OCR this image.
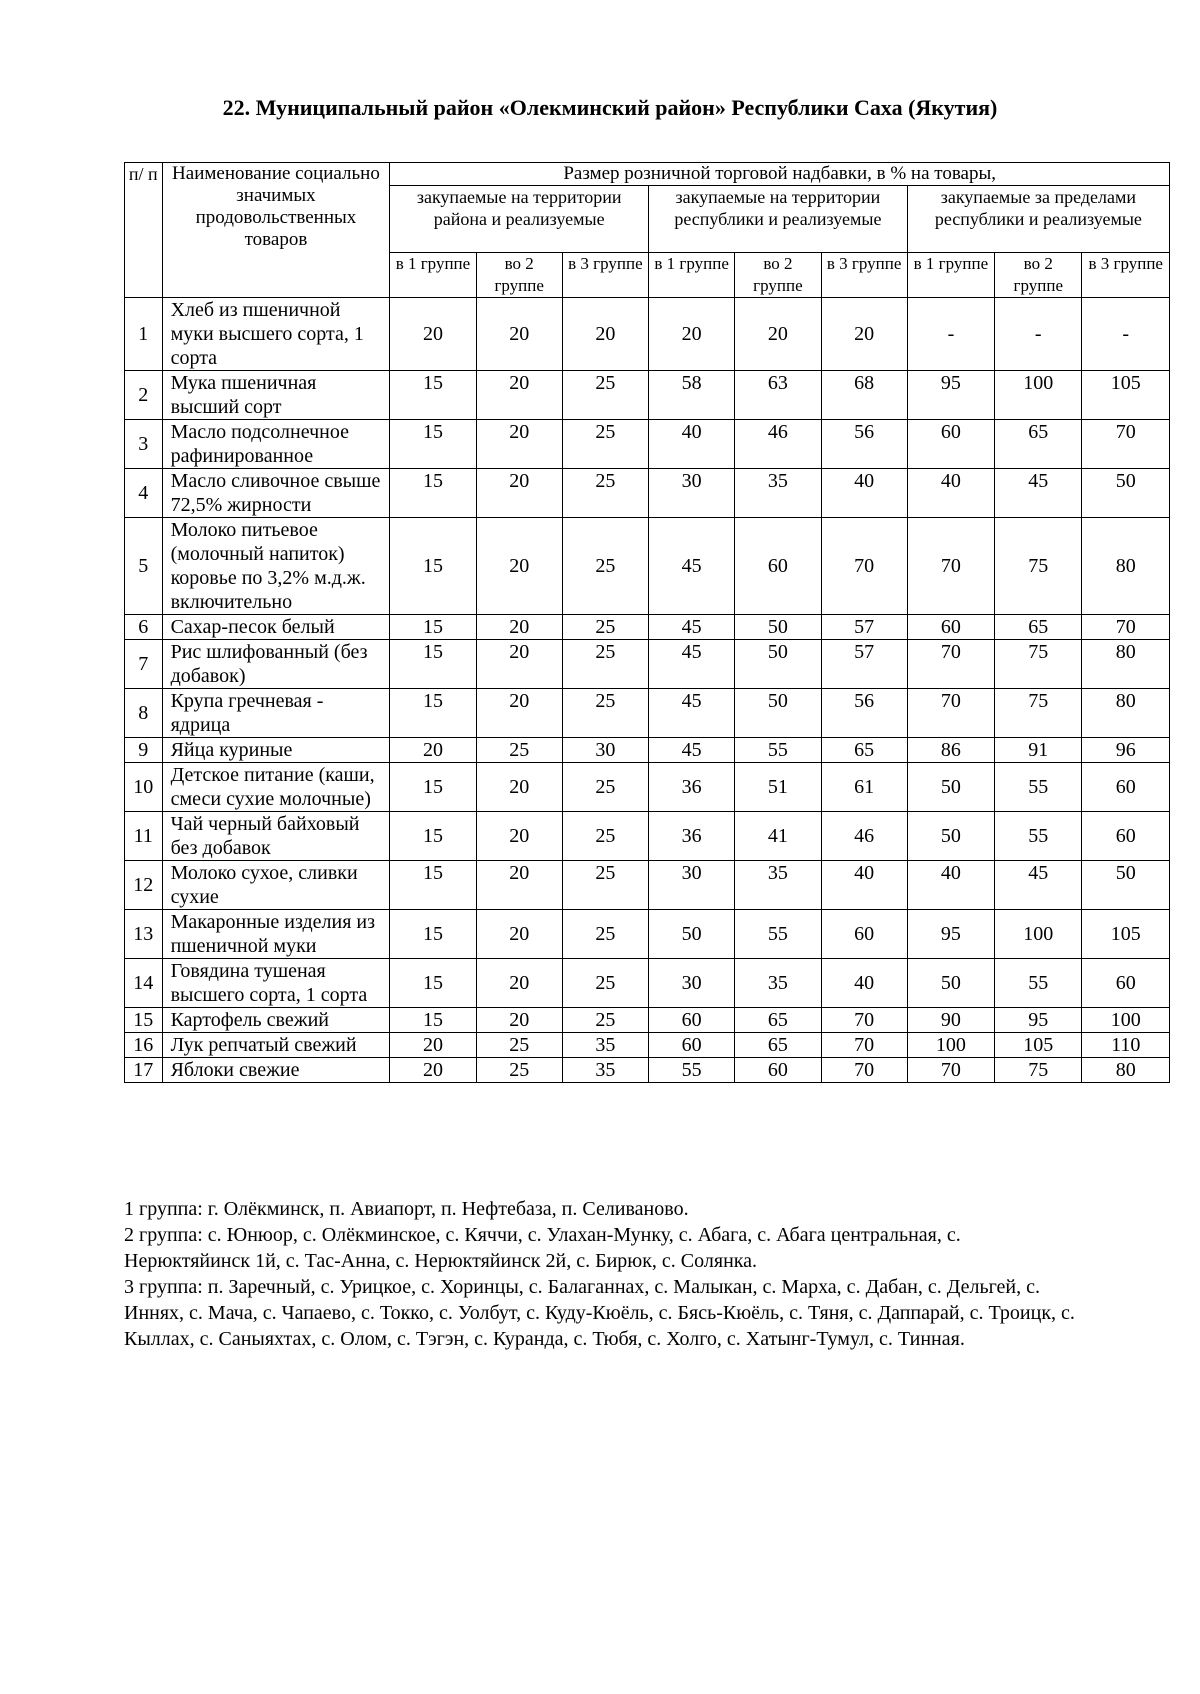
22. Муниципальный район «Олекминский район» Республики Саха (Якутия)
п/ п	Наименование социально значимых продовольственных товаров	Размер розничной торговой надбавки, в % на товары,								
		закупаемые на территории района и реализуемые			закупаемые на территории республики и реализуемые			закупаемые за пределами республики и реализуемые		
		в 1 группе	во 2 группе	в 3 группе	в 1 группе	во 2 группе	в 3 группе	в 1 группе	во 2 группе	в 3 группе
1	Хлеб из пшеничной муки высшего сорта, 1 сорта	20	20	20	20	20	20	-	-	-
2	Мука пшеничная высший сорт	15	20	25	58	63	68	95	100	105
3	Масло подсолнечное рафинированное	15	20	25	40	46	56	60	65	70
4	Масло сливочное свыше 72,5% жирности	15	20	25	30	35	40	40	45	50
5	Молоко питьевое (молочный напиток) коровье по 3,2% м.д.ж. включительно	15	20	25	45	60	70	70	75	80
6	Сахар-песок белый	15	20	25	45	50	57	60	65	70
7	Рис шлифованный (без добавок)	15	20	25	45	50	57	70	75	80
8	Крупа гречневая - ядрица	15	20	25	45	50	56	70	75	80
9	Яйца куриные	20	25	30	45	55	65	86	91	96
10	Детское питание (каши, смеси сухие молочные)	15	20	25	36	51	61	50	55	60
11	Чай черный байховый без добавок	15	20	25	36	41	46	50	55	60
12	Молоко сухое, сливки сухие	15	20	25	30	35	40	40	45	50
13	Макаронные изделия из пшеничной муки	15	20	25	50	55	60	95	100	105
14	Говядина тушеная высшего сорта, 1 сорта	15	20	25	30	35	40	50	55	60
15	Картофель свежий	15	20	25	60	65	70	90	95	100
16	Лук репчатый свежий	20	25	35	60	65	70	100	105	110
17	Яблоки свежие	20	25	35	55	60	70	70	75	80

1 группа: г. Олёкминск, п. Авиапорт, п. Нефтебаза, п. Селиваново.

2 группа: с. Юнюор, с. Олёкминское, с. Кяччи, с. Улахан-Мунку, с. Абага, с. Абага центральная, с. Нерюктяйинск 1й, с. Тас-Анна, с. Нерюктяйинск 2й, с. Бирюк, с. Солянка.

3 группа: п. Заречный, с. Урицкое, с. Хоринцы, с. Балаганнах, с. Малыкан, с. Марха, с. Дабан, с. Дельгей, с. Иннях, с. Мача, с. Чапаево, с. Токко, с. Уолбут, с. Куду-Кюёль, с. Бясь-Кюёль, с. Тяня, с. Даппарай, с. Троицк, с. Кыллах, с. Саныяхтах, с. Олом, с. Тэгэн, с. Куранда, с. Тюбя, с. Холго, с. Хатынг-Тумул, с. Тинная.
